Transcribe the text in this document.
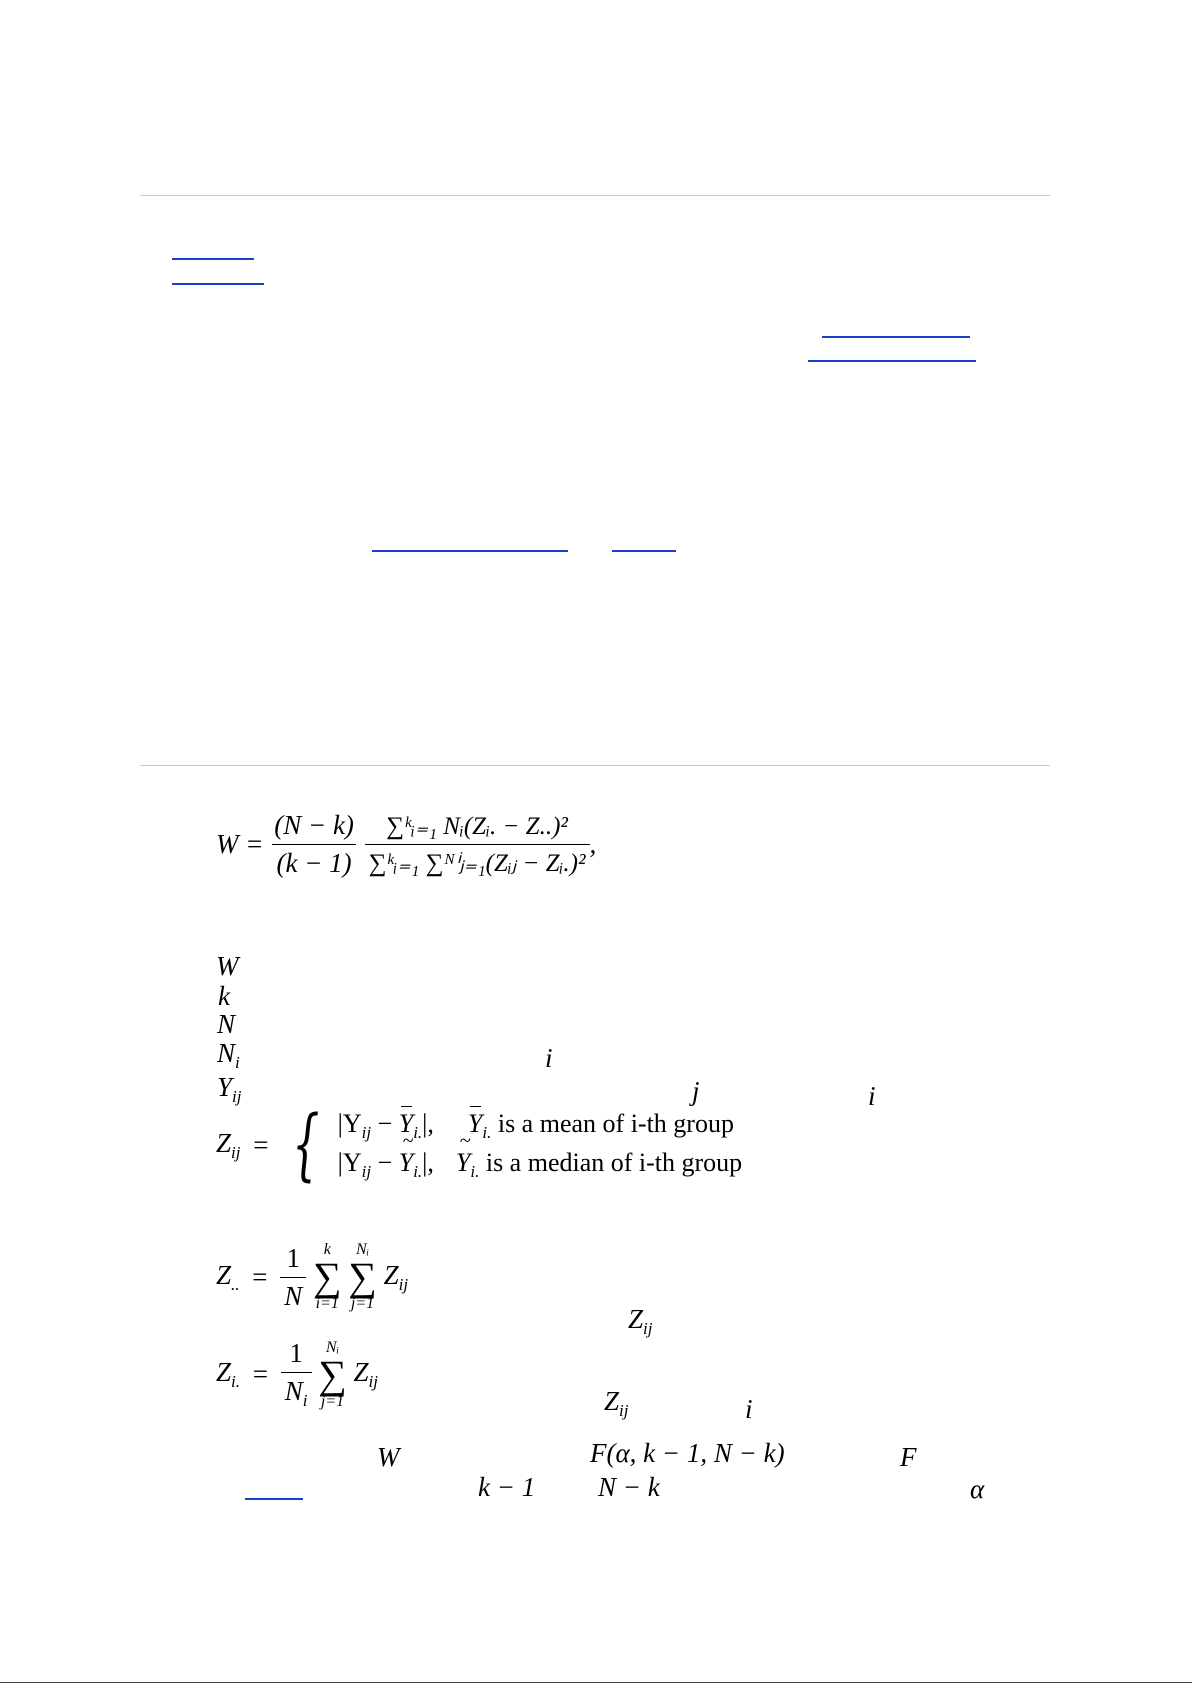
$W = \frac{(N - k)}{(k - 1)}$
$\frac{\text{∑ᵏᵢ₌₁ Nᵢ(Zᵢ. − Z..)²}}{\text{∑ᵏᵢ₌₁ ∑ᴺⁱⱼ₌₁(Zᵢⱼ − Zᵢ.)²}}$ ,
W
k
N
$N_i$	i
$Y_{ij}$	j	i
$Z_{ij}$ = { $|Y_{ij} - Y_{i.}|$, $Y_{i.}$ is a mean of i-th group
$|Y_{ij}$ − ~ $Y_{i.}|,\sim$ $Y_{i.}$ is a median of i-th group
$Z_{..} = \frac{1}{N}$
k
∑
i=1

Nᵢ
∑
j=1
$Z_{ij}$
$Z_{ij}$
$Z_{i.} = \frac{1}{N_i}$
Nᵢ
∑
j=1
$Z_{ij}$
$Z_{ij}$	i
W	F(α, k − 1, N − k)	F
k − 1 N − k	α
